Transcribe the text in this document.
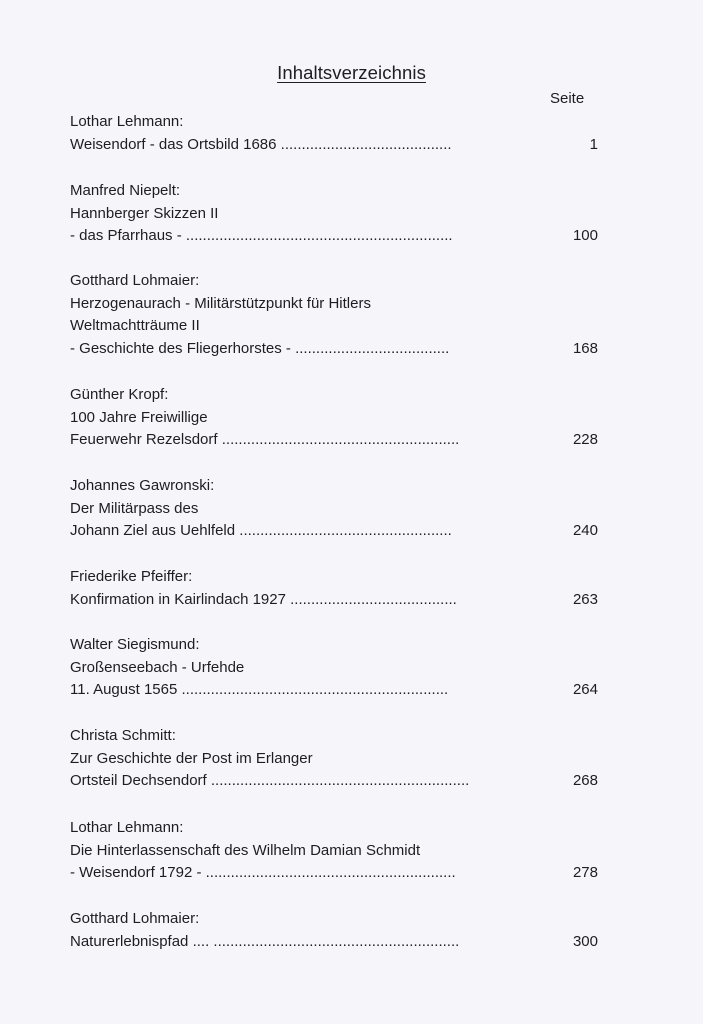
Inhaltsverzeichnis
Seite
Lothar Lehmann:
Weisendorf - das Ortsbild 1686 .........................................	1
Manfred Niepelt:
Hannberger Skizzen II
- das Pfarrhaus - ................................................................	100
Gotthard Lohmaier:
Herzogenaurach - Militärstützpunkt für Hitlers
Weltmachtträume II
- Geschichte des Fliegerhorstes - .....................................	168
Günther Kropf:
100 Jahre Freiwillige
Feuerwehr Rezelsdorf .........................................................	228
Johannes Gawronski:
Der Militärpass des
Johann Ziel aus Uehlfeld ...................................................	240
Friederike Pfeiffer:
Konfirmation in Kairlindach 1927 ........................................	263
Walter Siegismund:
Großenseebach - Urfehde
11. August 1565 ................................................................	264
Christa Schmitt:
Zur Geschichte der Post im Erlanger
Ortsteil Dechsendorf ..............................................................	268
Lothar Lehmann:
Die Hinterlassenschaft des Wilhelm Damian Schmidt
- Weisendorf 1792 - ............................................................	278
Gotthard Lohmaier:
Naturerlebnispfad .... ...........................................................	300
